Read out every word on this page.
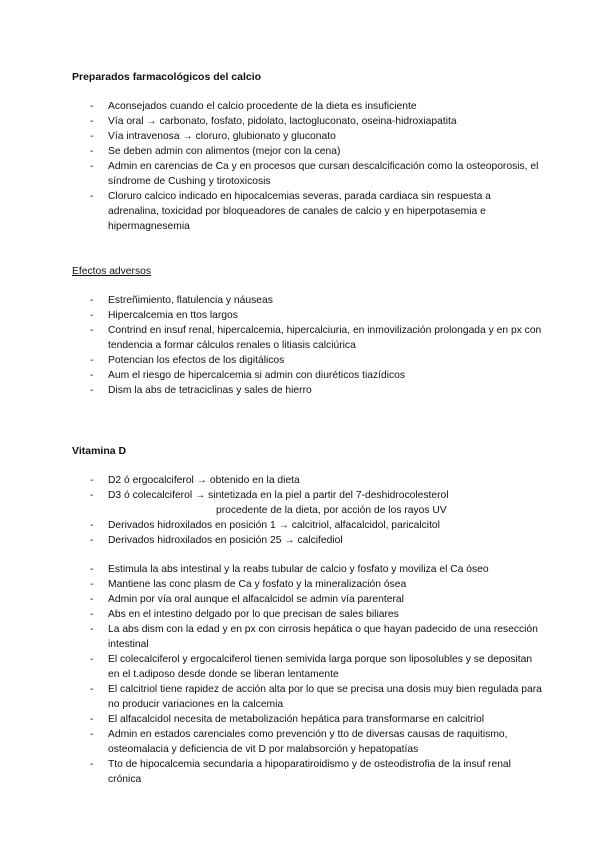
Preparados farmacológicos del calcio
- Aconsejados cuando el calcio procedente de la dieta es insuficiente
- Vía oral → carbonato, fosfato, pidolato, lactogluconato, oseina-hidroxiapatita
- Vía intravenosa → cloruro, glubionato y gluconato
- Se deben admin con alimentos (mejor con la cena)
- Admin en carencias de Ca y en procesos que cursan descalcificación como la osteoporosis, el síndrome de Cushing y tirotoxicosis
- Cloruro calcico indicado en hipocalcemias severas, parada cardiaca sin respuesta a adrenalina, toxicidad por bloqueadores de canales de calcio y en hiperpotasemia e hipermagnesemia
Efectos adversos
- Estreñimiento, flatulencia y náuseas
- Hipercalcemia en ttos largos
- Contrind en insuf renal, hipercalcemia, hipercalciuria, en inmovilización prolongada y en px con tendencia a formar cálculos renales o litiasis calciúrica
- Potencian los efectos de los digitálicos
- Aum el riesgo de hipercalcemia si admin con diuréticos tiazídicos
- Dism la abs de tetraciclinas y sales de hierro
Vitamina D
- D2 ó ergocalciferol → obtenido en la dieta
- D3 ó colecalciferol → sintetizada en la piel a partir del 7-deshidrocolesterol
procedente de la dieta, por acción de los rayos UV
- Derivados hidroxilados en posición 1 → calcitriol, alfacalcidol, paricalcitol
- Derivados hidroxilados en posición 25 → calcifediol
- Estimula la abs intestinal y la reabs tubular de calcio y fosfato y moviliza el Ca óseo
- Mantiene las conc plasm de Ca y fosfato y la mineralización ósea
- Admin por vía oral aunque el alfacalcidol se admin vía parenteral
- Abs en el intestino delgado por lo que precisan de sales biliares
- La abs dism con la edad y en px con cirrosis hepática o que hayan padecido de una resección intestinal
- El colecalciferol y ergocalciferol tienen semivida larga porque son liposolubles y se depositan en el t.adiposo desde donde se liberan lentamente
- El calcitriol tiene rapidez de acción alta por lo que se precisa una dosis muy bien regulada para no producir variaciones en la calcemia
- El alfacalcidol necesita de metabolización hepática para transformarse en calcitriol
- Admin en estados carenciales como prevención y tto de diversas causas de raquitismo, osteomalacia y deficiencia de vit D por malabsorción y hepatopatías
- Tto de hipocalcemia secundaria a hipoparatiroidismo y de osteodistrofia de la insuf renal crónica
